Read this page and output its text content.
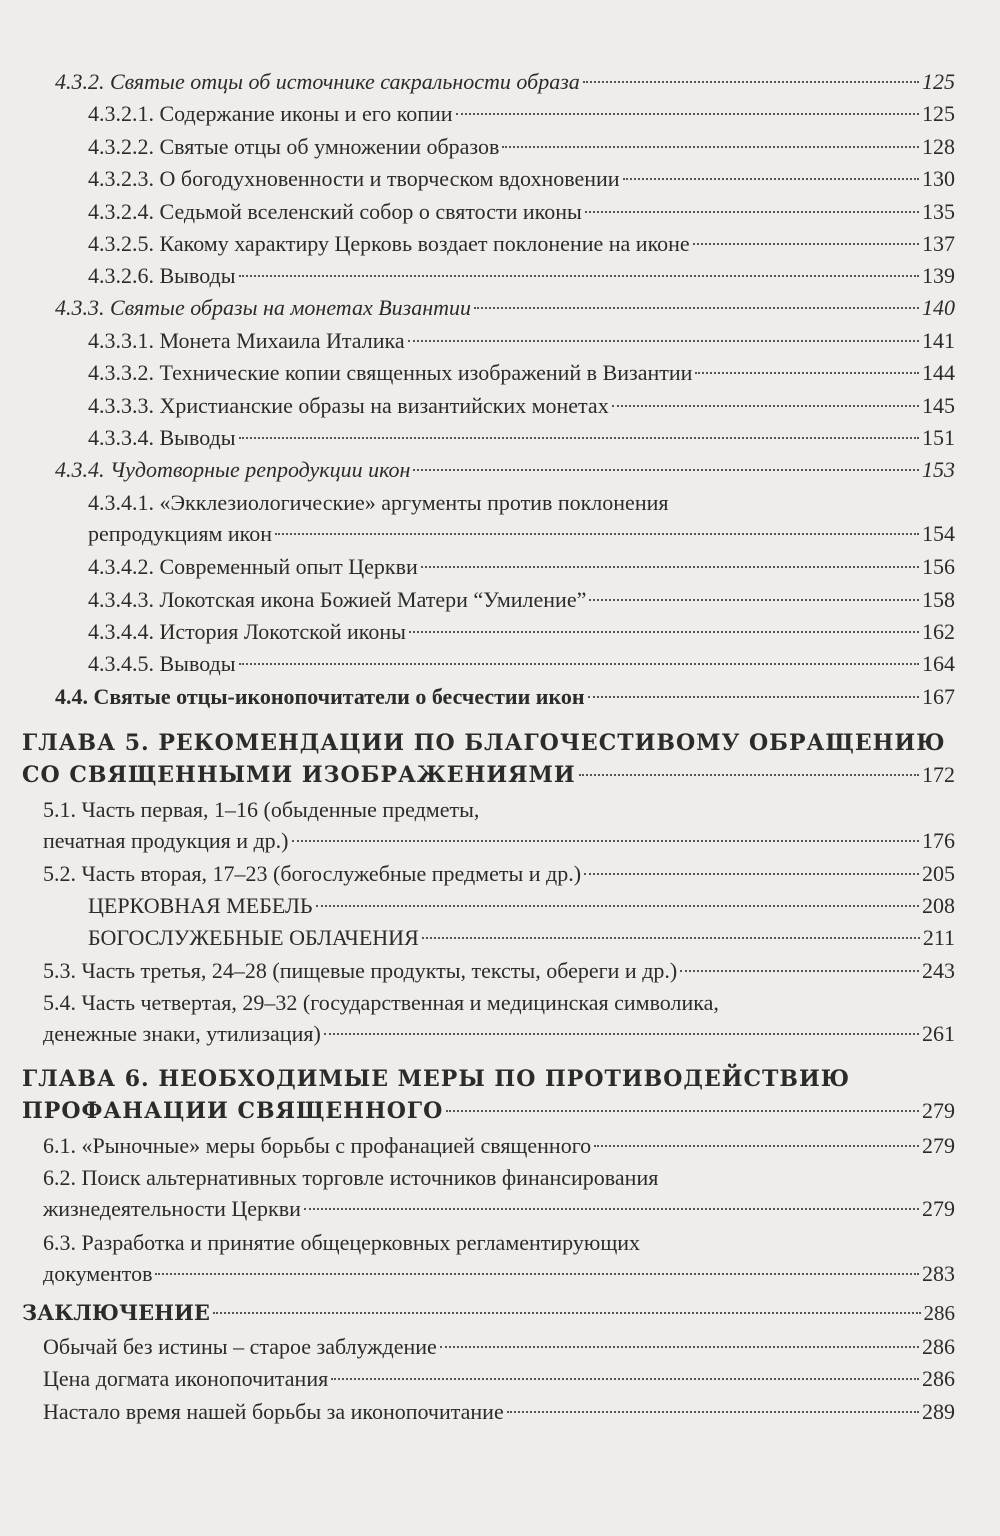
4.3.2. Святые отцы об источнике сакральности образа	125
4.3.2.1. Содержание иконы и его копии	125
4.3.2.2. Святые отцы об умножении образов	128
4.3.2.3. О богодухновенности и творческом вдохновении	130
4.3.2.4. Седьмой вселенский собор о святости иконы	135
4.3.2.5. Какому характиру Церковь воздает поклонение на иконе	137
4.3.2.6. Выводы	139
4.3.3. Святые образы на монетах Византии	140
4.3.3.1. Монета Михаила Италика	141
4.3.3.2. Технические копии священных изображений в Византии	144
4.3.3.3. Христианские образы на византийских монетах	145
4.3.3.4. Выводы	151
4.3.4. Чудотворные репродукции икон	153
4.3.4.1. «Экклезиологические» аргументы против поклонения
репродукциям икон	154
4.3.4.2. Современный опыт Церкви	156
4.3.4.3. Локотская икона Божией Матери “Умиление”	158
4.3.4.4. История Локотской иконы	162
4.3.4.5. Выводы	164
4.4. Святые отцы-иконопочитатели о бесчестии икон	167
ГЛАВА 5. РЕКОМЕНДАЦИИ ПО БЛАГОЧЕСТИВОМУ ОБРАЩЕНИЮ
СО СВЯЩЕННЫМИ ИЗОБРАЖЕНИЯМИ	172
5.1. Часть первая, 1–16 (обыденные предметы,
печатная продукция и др.)	176
5.2. Часть вторая, 17–23 (богослужебные предметы и др.)	205
ЦЕРКОВНАЯ МЕБЕЛЬ	208
БОГОСЛУЖЕБНЫЕ ОБЛАЧЕНИЯ	211
5.3. Часть третья, 24–28 (пищевые продукты, тексты, обереги и др.)	243
5.4. Часть четвертая, 29–32 (государственная и медицинская символика,
денежные знаки, утилизация)	261
ГЛАВА 6. НЕОБХОДИМЫЕ МЕРЫ ПО ПРОТИВОДЕЙСТВИЮ
ПРОФАНАЦИИ СВЯЩЕННОГО	279
6.1. «Рыночные» меры борьбы с профанацией священного	279
6.2. Поиск альтернативных торговле источников финансирования
жизнедеятельности Церкви	279
6.3. Разработка и принятие общецерковных регламентирующих
документов	283
ЗАКЛЮЧЕНИЕ	286
Обычай без истины – старое заблуждение	286
Цена догмата иконопочитания	286
Настало время нашей борьбы за иконопочитание	289
